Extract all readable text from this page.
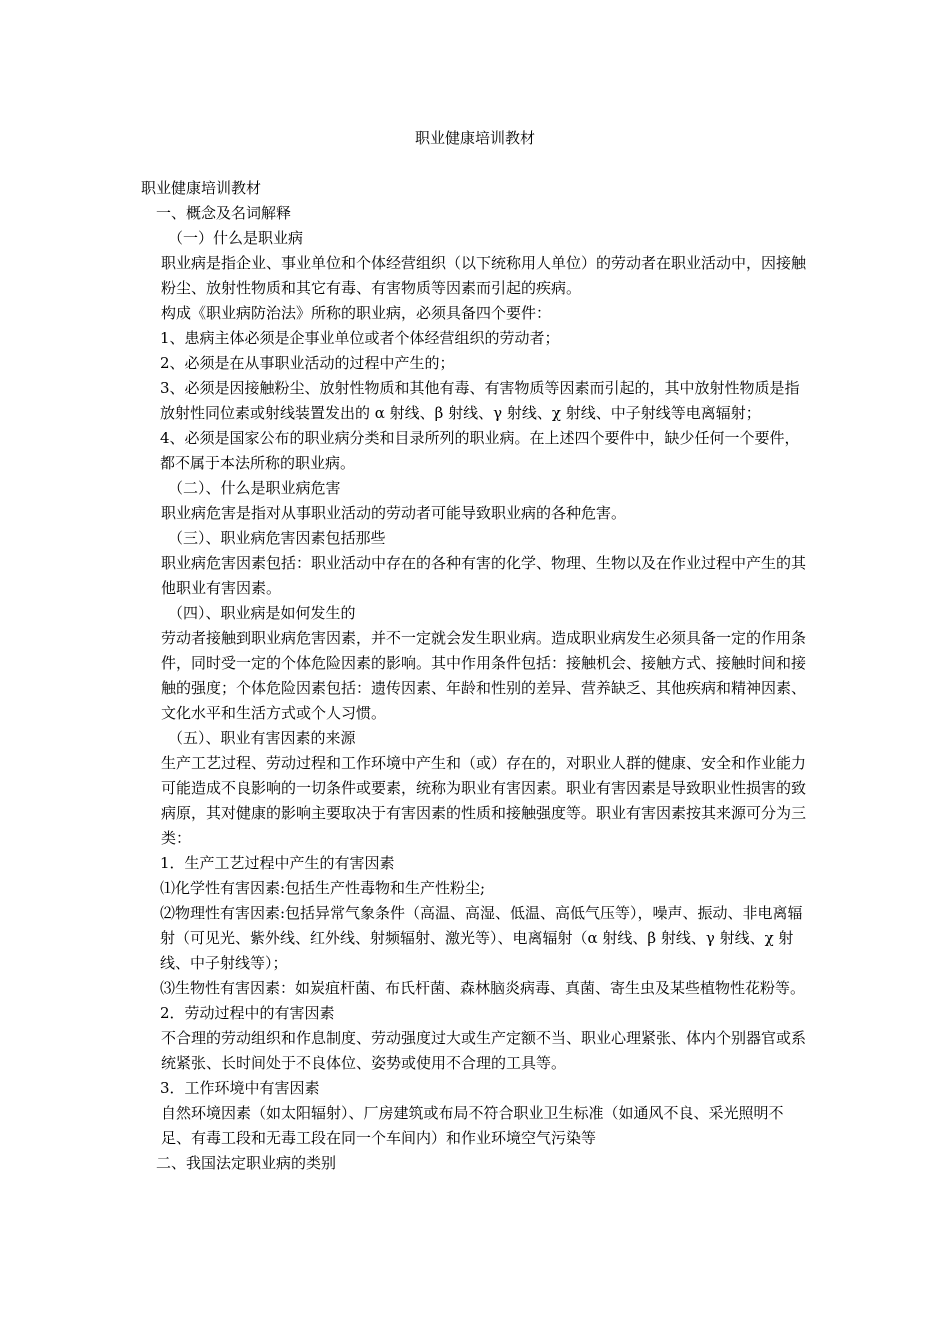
职业健康培训教材

职业健康培训教材

一、概念及名词解释

（一）什么是职业病

职业病是指企业、事业单位和个体经营组织（以下统称用人单位）的劳动者在职业活动中，因接触粉尘、放射性物质和其它有毒、有害物质等因素而引起的疾病。

构成《职业病防治法》所称的职业病，必须具备四个要件：

1、患病主体必须是企事业单位或者个体经营组织的劳动者；

2、必须是在从事职业活动的过程中产生的；

3、必须是因接触粉尘、放射性物质和其他有毒、有害物质等因素而引起的，其中放射性物质是指放射性同位素或射线装置发出的 α 射线、β 射线、γ 射线、χ 射线、中子射线等电离辐射；

4、必须是国家公布的职业病分类和目录所列的职业病。在上述四个要件中，缺少任何一个要件，都不属于本法所称的职业病。

（二）、什么是职业病危害

职业病危害是指对从事职业活动的劳动者可能导致职业病的各种危害。

（三）、职业病危害因素包括那些

职业病危害因素包括：职业活动中存在的各种有害的化学、物理、生物以及在作业过程中产生的其他职业有害因素。

（四）、职业病是如何发生的

劳动者接触到职业病危害因素，并不一定就会发生职业病。造成职业病发生必须具备一定的作用条件，同时受一定的个体危险因素的影响。其中作用条件包括：接触机会、接触方式、接触时间和接触的强度；个体危险因素包括：遗传因素、年龄和性别的差异、营养缺乏、其他疾病和精神因素、文化水平和生活方式或个人习惯。

（五）、职业有害因素的来源

生产工艺过程、劳动过程和工作环境中产生和（或）存在的，对职业人群的健康、安全和作业能力可能造成不良影响的一切条件或要素，统称为职业有害因素。职业有害因素是导致职业性损害的致病原，其对健康的影响主要取决于有害因素的性质和接触强度等。职业有害因素按其来源可分为三类：

1．生产工艺过程中产生的有害因素

⑴化学性有害因素:包括生产性毒物和生产性粉尘;

⑵物理性有害因素:包括异常气象条件（高温、高湿、低温、高低气压等），噪声、振动、非电离辐射（可见光、紫外线、红外线、射频辐射、激光等）、电离辐射（α 射线、β 射线、γ 射线、χ 射线、中子射线等）；

⑶生物性有害因素：如炭疽杆菌、布氏杆菌、森林脑炎病毒、真菌、寄生虫及某些植物性花粉等。

2．劳动过程中的有害因素

不合理的劳动组织和作息制度、劳动强度过大或生产定额不当、职业心理紧张、体内个别器官或系统紧张、长时间处于不良体位、姿势或使用不合理的工具等。

3．工作环境中有害因素

自然环境因素（如太阳辐射）、厂房建筑或布局不符合职业卫生标准（如通风不良、采光照明不足、有毒工段和无毒工段在同一个车间内）和作业环境空气污染等

二、我国法定职业病的类别
